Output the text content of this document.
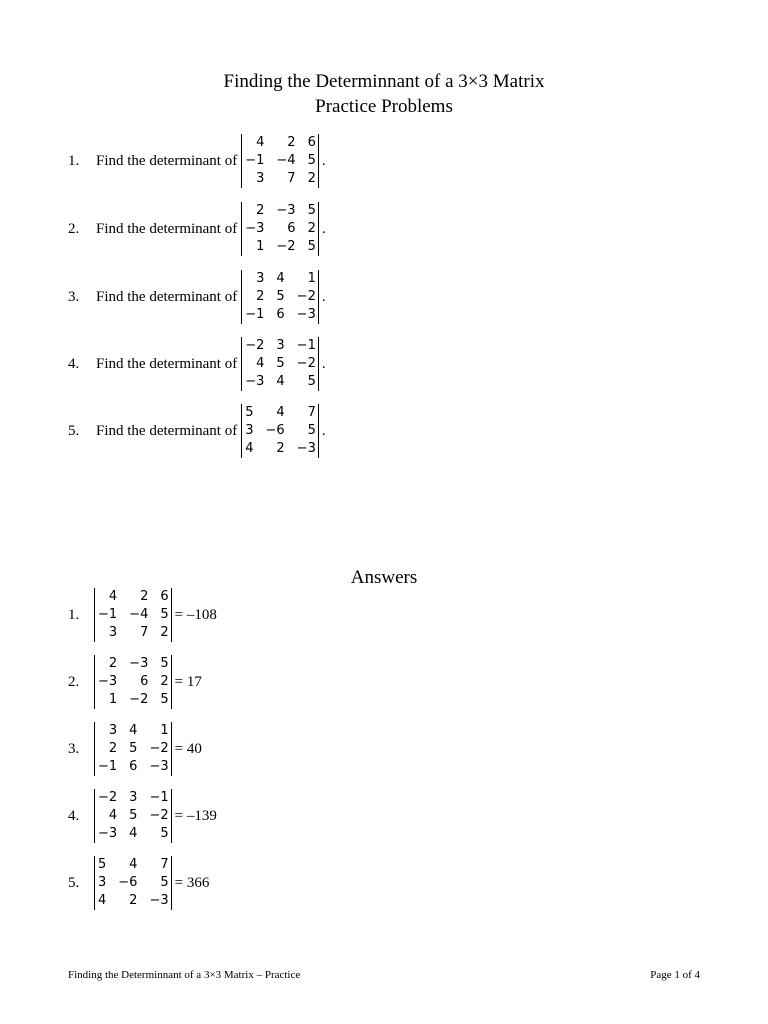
Finding the Determinnant of a 3×3 Matrix
Practice Problems
1.	Find the determinant of
4	2 6
−1 −4 5
3	7 2
.
2.	Find the determinant of
2 −3 5
−3	6 2
1 −2 5
.
3.	Find the determinant of
3 4	1
2 5 −2
−1 6 −3
.
4.	Find the determinant of
−2 3 −1
4 5 −2
−3 4	5
.
5.	Find the determinant of
5	4	7
3 −6	5
4	2 −3
.
Answers
1.
4	2 6
−1 −4 5
3	7 2
= –108
2.
2 −3 5
−3	6 2
1 −2 5
= 17
3.
3 4	1
2 5 −2
−1 6 −3
= 40
4.
−2 3 −1
4 5 −2
−3 4	5
= –139
5.
5	4	7
3 −6	5
4	2 −3
= 366
Finding the Determinnant of a 3×3 Matrix – Practice	Page 1 of 4
